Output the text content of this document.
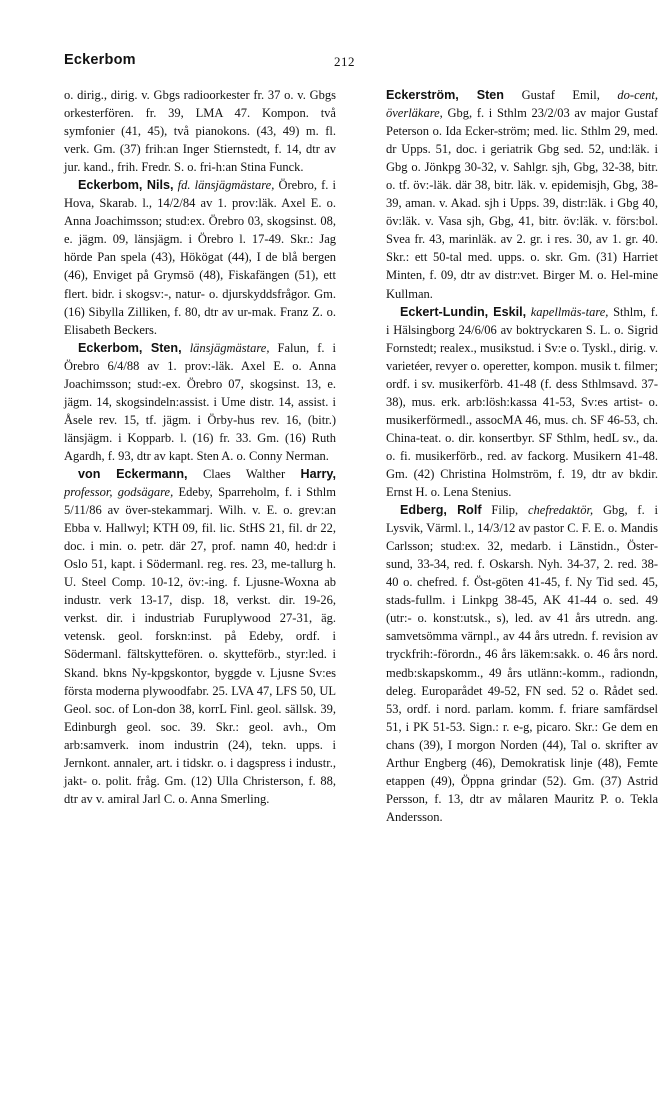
Eckerbom	212

o. dirig., dirig. v. Gbgs radioorkester fr. 37 o. v. Gbgs orkesterfören. fr. 39, LMA 47. Kompon. två symfonier (41, 45), två pianokons. (43, 49) m. fl. verk. Gm. (37) frih:an Inger Stiernstedt, f. 14, dtr av jur. kand., frih. Fredr. S. o. fri-h:an Stina Funck.

Eckerbom, Nils, fd. länsjägmästare, Örebro, f. i Hova, Skarab. l., 14/2/84 av 1. prov:läk. Axel E. o. Anna Joachimsson; stud:ex. Örebro 03, skogsinst. 08, e. jägm. 09, länsjägm. i Örebro l. 17-49. Skr.: Jag hörde Pan spela (43), Hökögat (44), I de blå bergen (46), Enviget på Grymsö (48), Fiskafängen (51), ett flert. bidr. i skogsv:-, natur- o. djurskyddsfrågor. Gm. (16) Sibylla Zilliken, f. 80, dtr av ur-mak. Franz Z. o. Elisabeth Beckers.

Eckerbom, Sten, länsjägmästare, Falun, f. i Örebro 6/4/88 av 1. prov:-läk. Axel E. o. Anna Joachimsson; stud:-ex. Örebro 07, skogsinst. 13, e. jägm. 14, skogsindeln:assist. i Ume distr. 14, assist. i Åsele rev. 15, tf. jägm. i Örby-hus rev. 16, (bitr.) länsjägm. i Kopparb. l. (16) fr. 33. Gm. (16) Ruth Agardh, f. 93, dtr av kapt. Sten A. o. Conny Nerman.

von Eckermann, Claes Walther Harry, professor, godsägare, Edeby, Sparreholm, f. i Sthlm 5/11/86 av över-stekammarj. Wilh. v. E. o. grev:an Ebba v. Hallwyl; KTH 09, fil. lic. StHS 21, fil. dr 22, doc. i min. o. petr. där 27, prof. namn 40, hed:dr i Oslo 51, kapt. i Södermanl. reg. res. 23, me-tallurg h. U. Steel Comp. 10-12, öv:-ing. f. Ljusne-Woxna ab industr. verk 13-17, disp. 18, verkst. dir. 19-26, verkst. dir. i industriab Furuplywood 27-31, äg. vetensk. geol. forskn:inst. på Edeby, ordf. i Södermanl. fältskyttefören. o. skytteförb., styr:led. i Skand. bkns Ny-kpgskontor, byggde v. Ljusne Sv:es första moderna plywoodfabr. 25. LVA 47, LFS 50, UL Geol. soc. of Lon-don 38, korrL Finl. geol. sällsk. 39, Edinburgh geol. soc. 39. Skr.: geol. avh., Om arb:samverk. inom industrin (24), tekn. upps. i Jernkont. annaler, art. i tidskr. o. i dagspress i industr., jakt- o. polit. fråg. Gm. (12) Ulla Christerson, f. 88, dtr av v. amiral Jarl C. o. Anna Smerling.

Eckerström, Sten Gustaf Emil, do-cent, överläkare, Gbg, f. i Sthlm 23/2/03 av major Gustaf Peterson o. Ida Ecker-ström; med. lic. Sthlm 29, med. dr Upps. 51, doc. i geriatrik Gbg sed. 52, und:läk. i Gbg o. Jönkpg 30-32, v. Sahlgr. sjh, Gbg, 32-38, bitr. o. tf. öv:-läk. där 38, bitr. läk. v. epidemisjh, Gbg, 38-39, aman. v. Akad. sjh i Upps. 39, distr:läk. i Gbg 40, öv:läk. v. Vasa sjh, Gbg, 41, bitr. öv:läk. v. förs:bol. Svea fr. 43, marinläk. av 2. gr. i res. 30, av 1. gr. 40. Skr.: ett 50-tal med. upps. o. skr. Gm. (31) Harriet Minten, f. 09, dtr av distr:vet. Birger M. o. Hel-mine Kullman.

Eckert-Lundin, Eskil, kapellmäs-tare, Sthlm, f. i Hälsingborg 24/6/06 av boktryckaren S. L. o. Sigrid Fornstedt; realex., musikstud. i Sv:e o. Tyskl., dirig. v. varietéer, revyer o. operetter, kompon. musik t. filmer; ordf. i sv. musikerförb. 41-48 (f. dess Sthlmsavd. 37-38), mus. erk. arb:lösh:kassa 41-53, Sv:es artist- o. musikerförmedl., assocMA 46, mus. ch. SF 46-53, ch. China-teat. o. dir. konsertbyr. SF Sthlm, hedL sv., da. o. fi. musikerförb., red. av fackorg. Musikern 41-48. Gm. (42) Christina Holmström, f. 19, dtr av bkdir. Ernst H. o. Lena Stenius.

Edberg, Rolf Filip, chefredaktör, Gbg, f. i Lysvik, Värml. l., 14/3/12 av pastor C. F. E. o. Mandis Carlsson; stud:ex. 32, medarb. i Länstidn., Öster-sund, 33-34, red. f. Oskarsh. Nyh. 34-37, 2. red. 38-40 o. chefred. f. Öst-göten 41-45, f. Ny Tid sed. 45, stads-fullm. i Linkpg 38-45, AK 41-44 o. sed. 49 (utr:- o. konst:utsk., s), led. av 41 års utredn. ang. samvetsömma värnpl., av 44 års utredn. f. revision av tryckfrih:-förordn., 46 års läkem:sakk. o. 46 års nord. medb:skapskomm., 49 års utlänn:-komm., radiondn, deleg. Europarådet 49-52, FN sed. 52 o. Rådet sed. 53, ordf. i nord. parlam. komm. f. friare samfärdsel 51, i PK 51-53. Sign.: r. e-g, picaro. Skr.: Ge dem en chans (39), I morgon Norden (44), Tal o. skrifter av Arthur Engberg (46), Demokratisk linje (48), Femte etappen (49), Öppna grindar (52). Gm. (37) Astrid Persson, f. 13, dtr av målaren Mauritz P. o. Tekla Andersson.
